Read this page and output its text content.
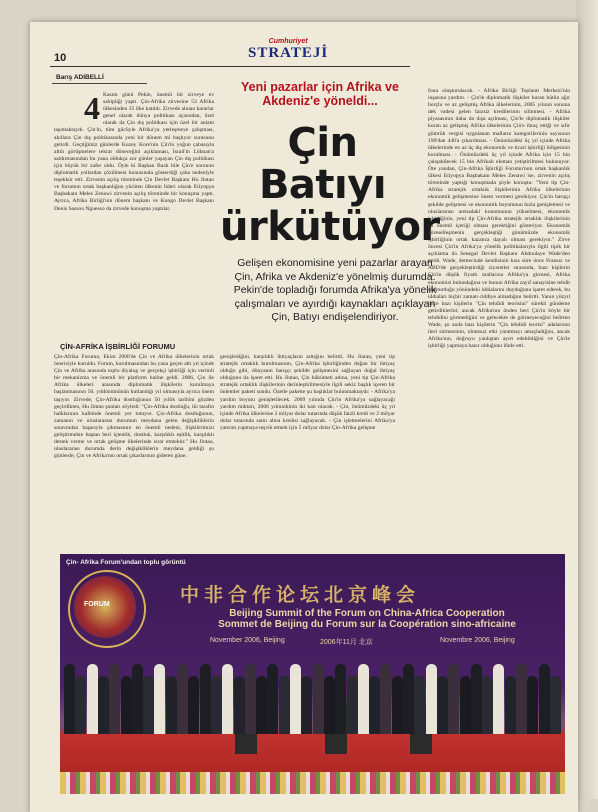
10
Cumhuriyet
STRATEJİ
Barış ADIBELLİ
Yeni pazarlar için Afrika ve Akdeniz'e yöneldi...
Çin
Batıyı
ürkütüyor
Gelişen ekonomisine yeni pazarlar arayan Çin, Afrika ve Akdeniz'e yönelmiş durumda. Pekin'de topladığı forumda Afrika'ya yönelik çalışmaları ve ayırdığı kaynakları açıklayan Çin, Batıyı endişelendiriyor.
4 Kasım günü Pekin, önemli bir zirveye ev sahipliği yaptı. Çin-Afrika zirvesine 53 Afrika ülkesinden 35 ilke katıldı. Zirvede alınan kararlar genel olarak dünya politikası açısından, özel olarak da Çin dış politikası için özel bir anlam taşımaktaydı. Çin'in, tüm gücüyle Afrika'ya yerleşmeye çalışması, akıllara Çin dış politikasında yeni bir dönem mi başlıyor sorusunu getirdi. Geçtiğimiz günlerde Kuzey Kore'nin Çin'in yoğun çabasıyla altılı görüşmelere tekrar döneceğini açıklaması, İsrail'in Lübnan'a saldırmasından bu yana oldukça zor günler yaşayan Çin dış politikası için büyük bir zafer oldu. Öyle ki Başkan Bush bile Çin'e sorunun diplomatik yollardan çözülmesi konusunda gösterdiği çaba nedeniyle teşekkür etti. Zirvenin açılış töreninde Çin Devlet Başkanı Hu Jintao ve forumun ortak başkanlığını yürüten ülkenin lideri olarak Etiyopya Başbakanı Meles Zenawi zirvenin açılış töreninde bir konuşma yaptı. Ayrıca, Afrika Birliği'nin dönem başkanı ve Kongo Devlet Başkanı Denis Sassou Nguesso da zirvede konuşma yaptılar.
ÇİN-AFRİKA İŞBİRLİĞİ FORUMU
Çin-Afrika Forumu, Ekim 2000'de Çin ve Afrika ülkelerinin ortak önerisiyle kuruldu. Forum, kurulmasından bu yana geçen altı yıl içinde Çin ve Afrika arasında toplu diyalog ve gerçekçi işbirliği için verimli bir mekanizma ve önemli bir platform haline geldi. 2006, Çin ile Afrika ülkeleri arasında diplomatik ilişkilerin kurulmaya başlanmasının 50. yıldönümünün kutlandığı yıl olmasıyla ayrıca önem taşıyor. Zirvede, Çin-Afrika dostluğunun 50 yıllık tarihini gözden geçirdikten, Hu Jintao şunları söyledi: "Çin-Afrika dostluğu, iki tarafın halklarının kalbinde önemli yer tutuyor. Çin-Afrika dostluğunun, zamanın ve uluslararası durumun meydana gelen değişikliklerin sınavından başarıyla çıkmasının en önemli nedeni, ilişkilerimizi geliştirmekte baştan beri içtenlik, dostluk, karşılıklı eşitlik, karşılıklı destek verme ve ortak gelişme ilkelerinde ısrar etmektir." Hu Jintao, uluslararası durumda derin değişikliklerin meydana geldiği şu günlerde, Çin ve Afrika'nın ortak çıkarlarının gideren güne.
genişlediğini, karşılıklı ihtiyaçların arttığını belirtti. Hu Jintao, yeni tip stratejik ortaklık kurulmasının, Çin-Afrika işbirliğinden doğan bir ihtiyaç olduğu gibi, dünyanın barışçı şekilde gelişmesini sağlayan doğal ihtiyaç olduğunu da işaret etti. Hu Jintao, Çin hükümeti adına, yeni tip Çin-Afrika stratejik ortaklık ilişkilerinin derinleştirilmesiyle ilgili sekiz başlık içeren bir önlemler paketi sundu. Özetle pakette şu başlıklar bulunmaktaydı: - Afrika'ya yardım boyutu genişletilecek. 2009 yılında Çin'in Afrika'ya sağlayacağı yardım miktarı, 2006 yılınınkinin iki katı olacak. - Çin, önümüzdeki üç yıl içinde Afrika ülkelerine 3 milyar dolar tutarında düşük faizli kredi ve 2 milyar dolar tutarında satın alma kredisi sağlayacak. - Çin işletmelerini Afrika'ya yatırım yapmaya teşvik etmek için 5 milyar dolar Çin-Afrika gelişme
fonu oluşturulacak. - Afrika Birliği Toplantı Merkezi'nin inşasına yardım. - Çin'le diplomatik ilişkiler kuran bütün ağır borçlu ve az gelişmiş Afrika ülkelerinin, 2005 yılının sonuna dek vadesi gelen faizsiz kredilerinin silinmesi. - Afrika piyasasının daha da dışa açılması, Çin'le diplomatik ilişkiler kuran az gelişmiş Afrika ülkelerinin Çin'e ihraç ettiği ve sıfır gümrük vergisi uygulanan malların kategorilerinin sayısının 190'dan 440'a çıkarılması. - Önümüzdeki üç yıl içinde Afrika ülkelerinde en az üç dış ekonomik ve ticari işbirliği bölgesinin kurulması. - Önümüzdeki üç yıl içinde Afrika için 15 bin çalışabilecek 15 bin Afrikalı eleman yetiştirilmesi bulunuyor. Öte yandan, Çin-Afrika İşbirliği Forumu'nun ortak başkanlık ülkesi Etiyopya Başbakanı Meles Zenawi ise, zirvenin açılış töreninde yaptığı konuşmada şöyle konuştu: "Yeni tip Çin-Afrika stratejik ortaklık ilişkilerinin Afrika ülkelerinin ekonomik gelişmesine önem vermesi gerekiyor. Çin'in barışçı şekilde gelişmesi ve ekonomik boyutunun hızla genişlemesi ve uluslararası arenadaki konumunun yükselmesi, ekonomik işbirliğinin, yeni tip Çin-Afrika stratejik ortaklık ilişkilerinin en önemli içeriği olması gerektiğini gösteriyor. Ekonomik küreselleşmenin gerçekleştiği günümüzde ekonomik işbirliğinin ortak kazanca dayalı olması gerekiyor." Zirve öncesi Çin'in Afrika'ya yönelik politikalarıyla ilgili tipik bir açıklama da Senegal Devlet Başkanı Abdoulaye Wade'den geldi. Wade, demecinde kendisinin kısa süre önce Fransız ve ABD'de gerçekleştirdiği ziyaretler sırasında, bazı kişilerin Çin'in düşük fiyatlı mallarına Afrika'ya girmesi, Afrika ekonomisi bulundağına ve bunun Afrika zayıf sanayisine tehdit oluşturduğu yönündeki iddialarını duyduğunu işaret ederek, bu iddiaları hiçbir zaman ciddiye almadığını belirtti. Yanın yüzyıl önce bazı kişilerin "Çin tehdidi teorisini" sürekli gündeme getirdiklerini; ancak Afrika'nın önden beri Çin'in böyle bir tehdidini görmediğini ve gelecekte de görmeyeceğini belirten Wade, şu anda bazı kişilerin "Çin tehdidi teorisi" adalarının ileri sürmesinin, olumsuz etki yaratmayı amaçladığını, ancak Afrika'nın, doğruyu yanlıştan ayırt edebildiğini ve Çin'le işbirliği yapmaya hazır olduğunu ifade etti.
FORUM	中非合作论坛北京峰会
Beijing Summit of the Forum on China-Africa Cooperation
Sommet de Beijing du Forum sur la Coopération sino-africaine
November 2006, Beijing	2006年11月 北京	Novembre 2006, Beijing
Çin- Afrika Forum'undan toplu görüntü
